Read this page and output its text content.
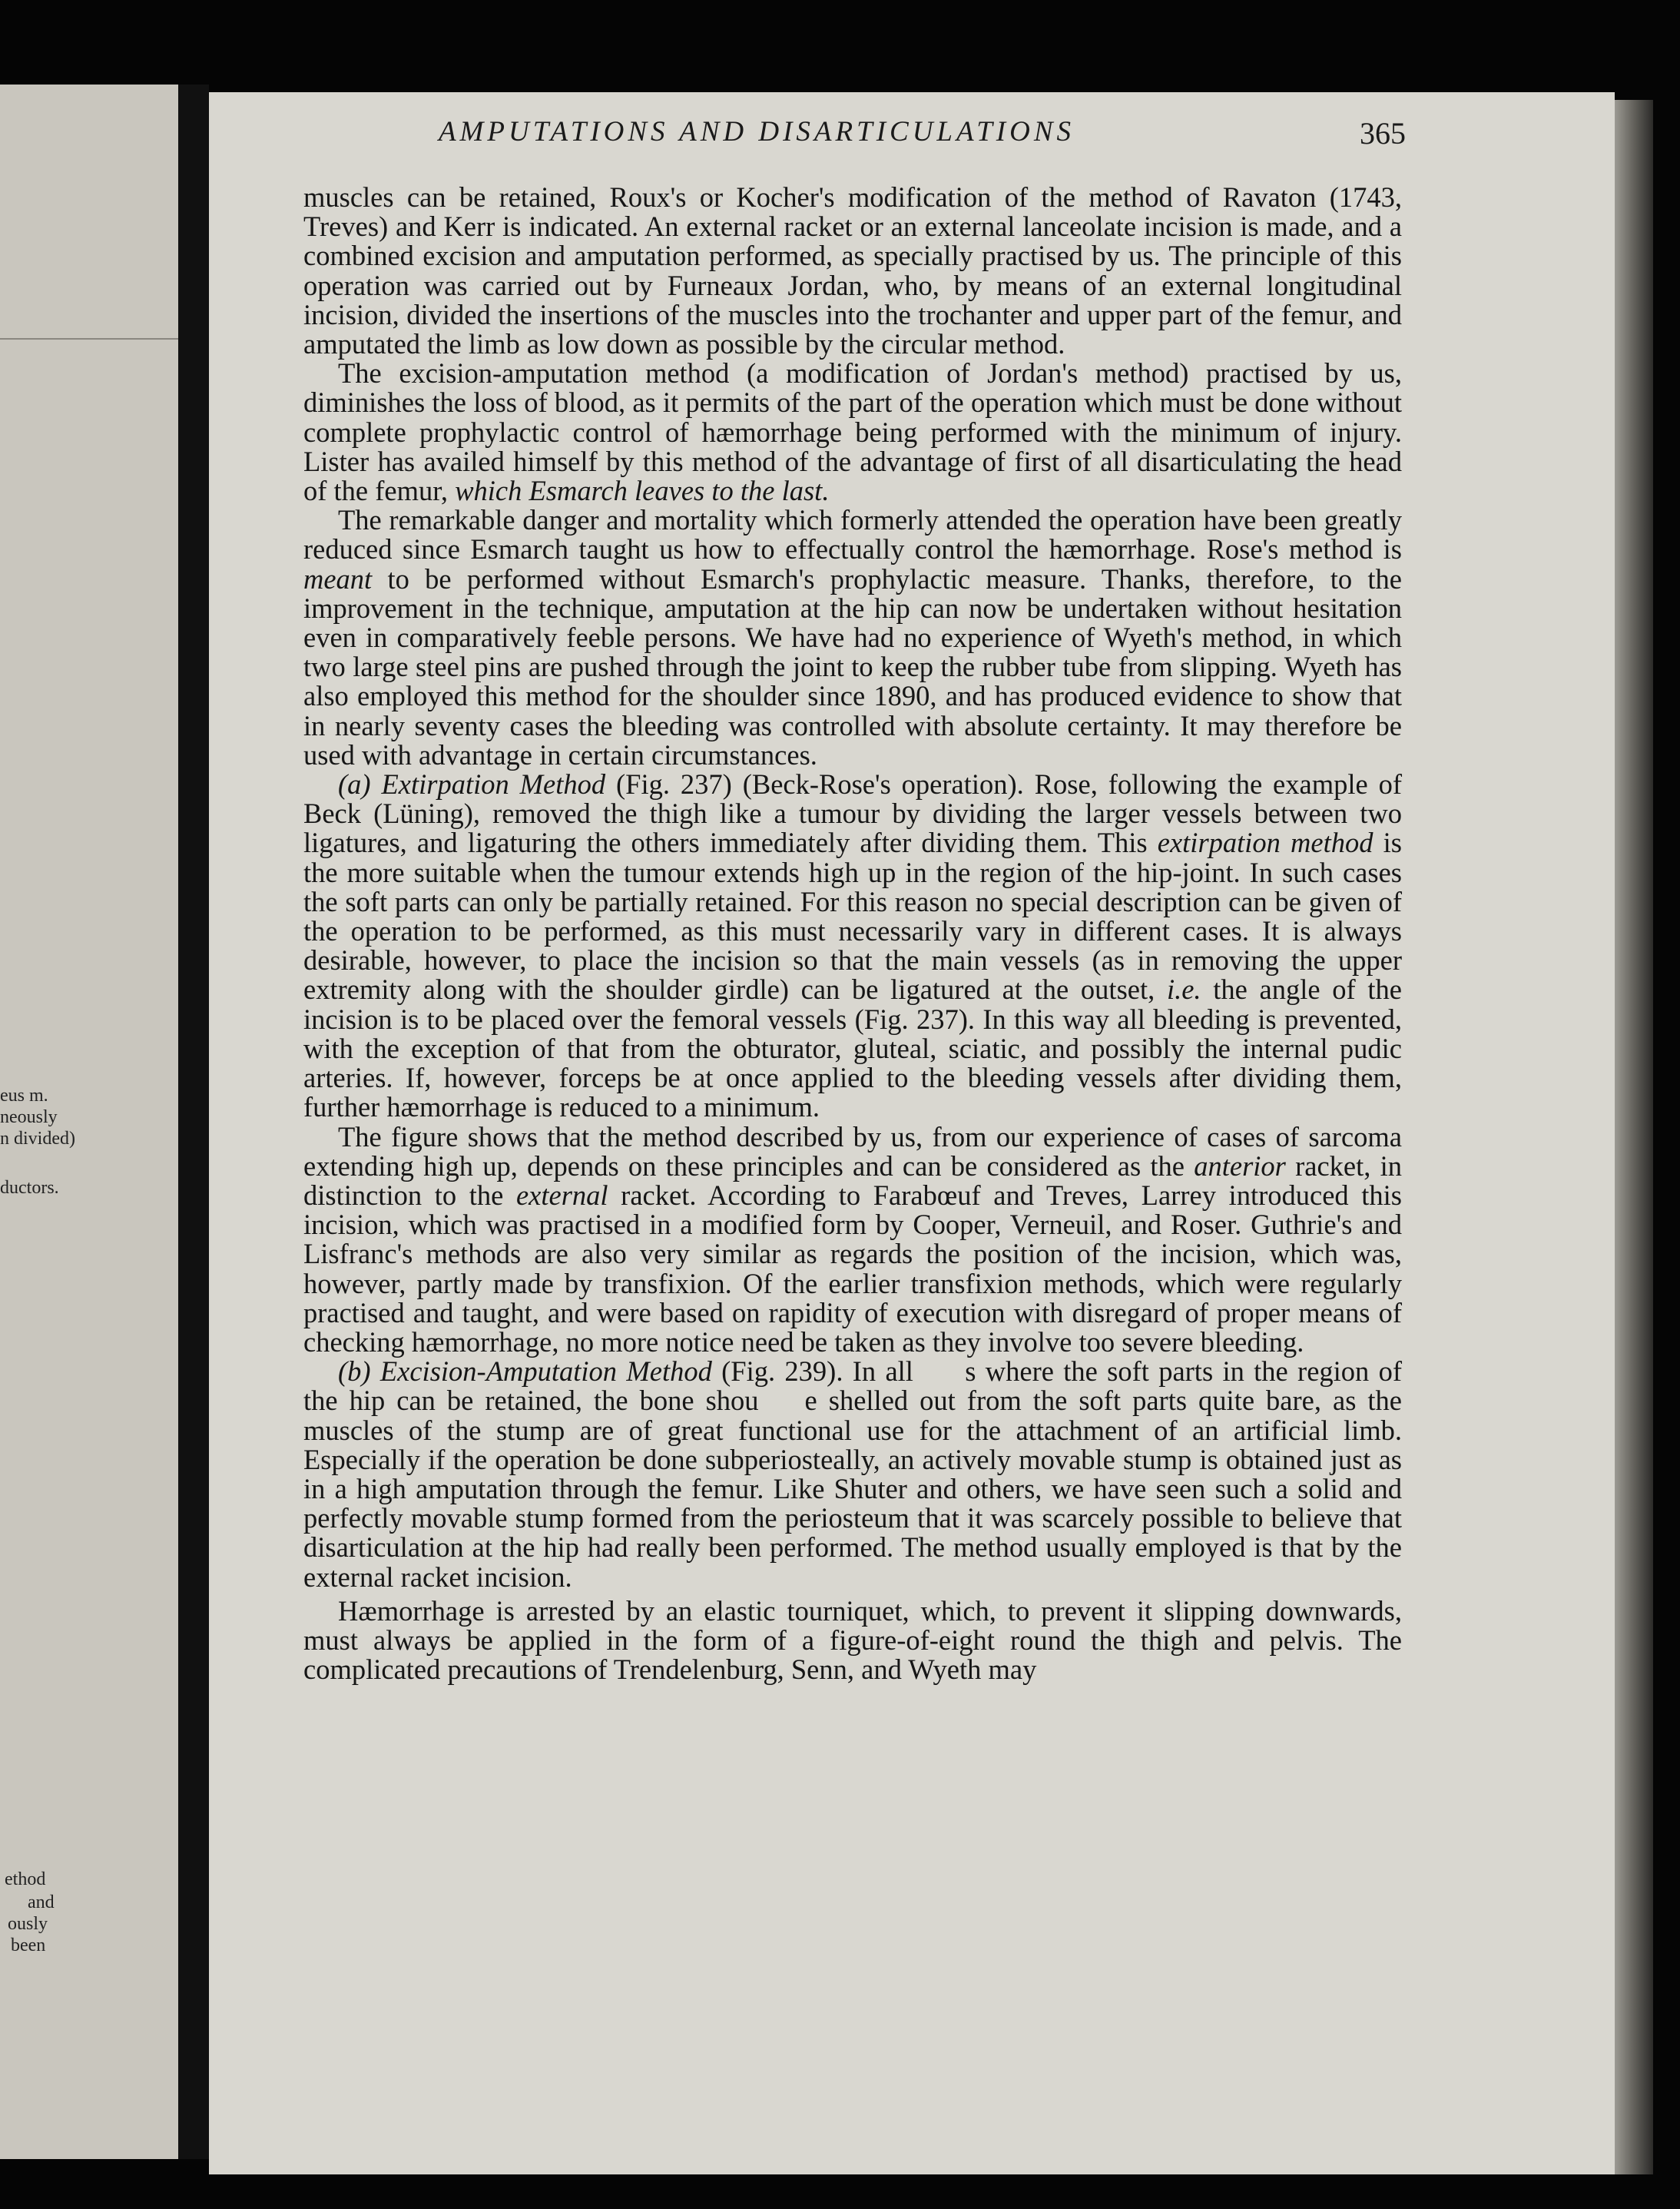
eus m.
neously
n divided)
ductors.
ethod
and
ously
been
AMPUTATIONS AND DISARTICULATIONS	365

muscles can be retained, Roux's or Kocher's modification of the method of Ravaton (1743, Treves) and Kerr is indicated. An external racket or an external lanceolate incision is made, and a combined excision and amputation performed, as specially practised by us. The principle of this operation was carried out by Furneaux Jordan, who, by means of an external longitudinal incision, divided the insertions of the muscles into the trochanter and upper part of the femur, and amputated the limb as low down as possible by the circular method.

The excision-amputation method (a modification of Jordan's method) practised by us, diminishes the loss of blood, as it permits of the part of the operation which must be done without complete prophylactic control of hæmorrhage being performed with the minimum of injury. Lister has availed himself by this method of the advantage of first of all disarticulating the head of the femur, which Esmarch leaves to the last.

The remarkable danger and mortality which formerly attended the operation have been greatly reduced since Esmarch taught us how to effectually control the hæmorrhage. Rose's method is meant to be performed without Esmarch's prophylactic measure. Thanks, therefore, to the improvement in the technique, amputation at the hip can now be undertaken without hesitation even in comparatively feeble persons. We have had no experience of Wyeth's method, in which two large steel pins are pushed through the joint to keep the rubber tube from slipping. Wyeth has also employed this method for the shoulder since 1890, and has produced evidence to show that in nearly seventy cases the bleeding was controlled with absolute certainty. It may therefore be used with advantage in certain circumstances.

(a) Extirpation Method (Fig. 237) (Beck-Rose's operation). Rose, following the example of Beck (Lüning), removed the thigh like a tumour by dividing the larger vessels between two ligatures, and ligaturing the others immediately after dividing them. This extirpation method is the more suitable when the tumour extends high up in the region of the hip-joint. In such cases the soft parts can only be partially retained. For this reason no special description can be given of the operation to be performed, as this must necessarily vary in different cases. It is always desirable, however, to place the incision so that the main vessels (as in removing the upper extremity along with the shoulder girdle) can be ligatured at the outset, i.e. the angle of the incision is to be placed over the femoral vessels (Fig. 237). In this way all bleeding is prevented, with the exception of that from the obturator, gluteal, sciatic, and possibly the internal pudic arteries. If, however, forceps be at once applied to the bleeding vessels after dividing them, further hæmorrhage is reduced to a minimum.

The figure shows that the method described by us, from our experience of cases of sarcoma extending high up, depends on these principles and can be considered as the anterior racket, in distinction to the external racket. According to Farabœuf and Treves, Larrey introduced this incision, which was practised in a modified form by Cooper, Verneuil, and Roser. Guthrie's and Lisfranc's methods are also very similar as regards the position of the incision, which was, however, partly made by transfixion. Of the earlier transfixion methods, which were regularly practised and taught, and were based on rapidity of execution with disregard of proper means of checking hæmorrhage, no more notice need be taken as they involve too severe bleeding.

(b) Excision-Amputation Method (Fig. 239). In all s where the soft parts in the region of the hip can be retained, the bone shou e shelled out from the soft parts quite bare, as the muscles of the stump are of great functional use for the attachment of an artificial limb. Especially if the operation be done subperiosteally, an actively movable stump is obtained just as in a high amputation through the femur. Like Shuter and others, we have seen such a solid and perfectly movable stump formed from the periosteum that it was scarcely possible to believe that disarticulation at the hip had really been performed. The method usually employed is that by the external racket incision.

Hæmorrhage is arrested by an elastic tourniquet, which, to prevent it slipping downwards, must always be applied in the form of a figure-of-eight round the thigh and pelvis. The complicated precautions of Trendelenburg, Senn, and Wyeth may
